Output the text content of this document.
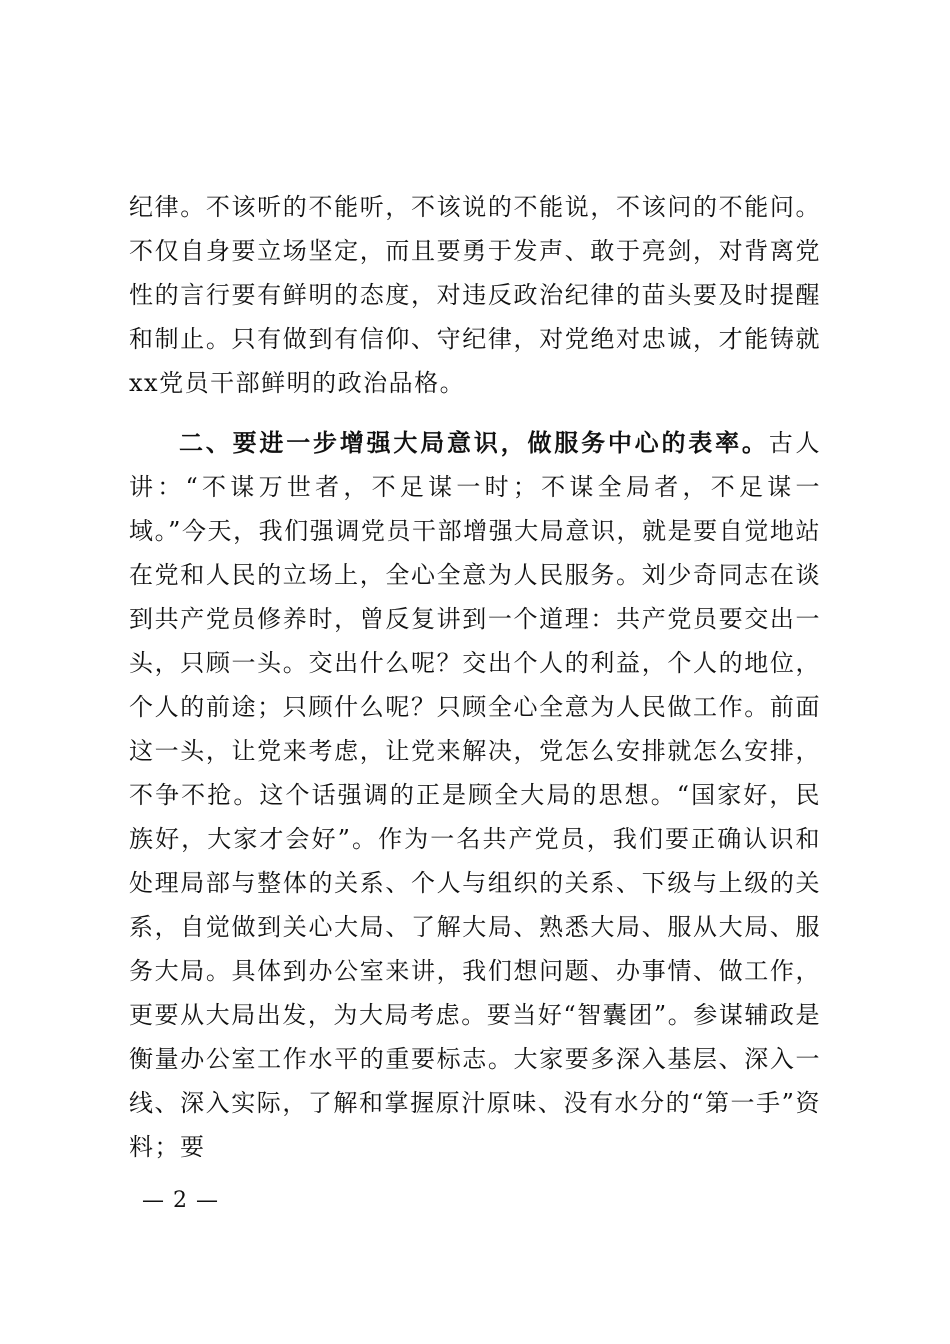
纪律。不该听的不能听，不该说的不能说，不该问的不能问。不仅自身要立场坚定，而且要勇于发声、敢于亮剑，对背离党性的言行要有鲜明的态度，对违反政治纪律的苗头要及时提醒和制止。只有做到有信仰、守纪律，对党绝对忠诚，才能铸就xx党员干部鲜明的政治品格。

二、要进一步增强大局意识，做服务中心的表率。古人讲：“不谋万世者，不足谋一时；不谋全局者，不足谋一域。”今天，我们强调党员干部增强大局意识，就是要自觉地站在党和人民的立场上，全心全意为人民服务。刘少奇同志在谈到共产党员修养时，曾反复讲到一个道理：共产党员要交出一头，只顾一头。交出什么呢？交出个人的利益，个人的地位，个人的前途；只顾什么呢？只顾全心全意为人民做工作。前面这一头，让党来考虑，让党来解决，党怎么安排就怎么安排，不争不抢。这个话强调的正是顾全大局的思想。“国家好，民族好，大家才会好”。作为一名共产党员，我们要正确认识和处理局部与整体的关系、个人与组织的关系、下级与上级的关系，自觉做到关心大局、了解大局、熟悉大局、服从大局、服务大局。具体到办公室来讲，我们想问题、办事情、做工作，更要从大局出发，为大局考虑。要当好“智囊团”。参谋辅政是衡量办公室工作水平的重要标志。大家要多深入基层、深入一线、深入实际，了解和掌握原汁原味、没有水分的“第一手”资料；要

— 2 —
